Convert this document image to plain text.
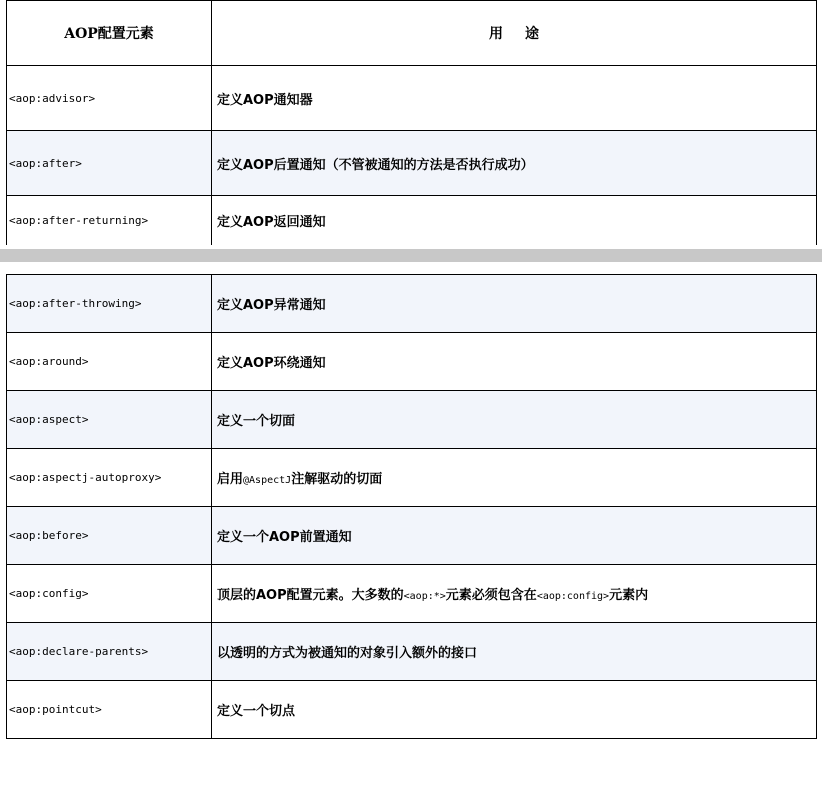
AOP配置元素	用途
<aop:advisor>	定义AOP通知器
<aop:after>	定义AOP后置通知（不管被通知的方法是否执行成功）
<aop:after-returning>	定义AOP返回通知

<aop:after-throwing>	定义AOP异常通知
<aop:around>	定义AOP环绕通知
<aop:aspect>	定义一个切面
<aop:aspectj-autoproxy>	启用@AspectJ注解驱动的切面
<aop:before>	定义一个AOP前置通知
<aop:config>	顶层的AOP配置元素。大多数的<aop:*>元素必须包含在<aop:config>元素内
<aop:declare-parents>	以透明的方式为被通知的对象引入额外的接口
<aop:pointcut>	定义一个切点
